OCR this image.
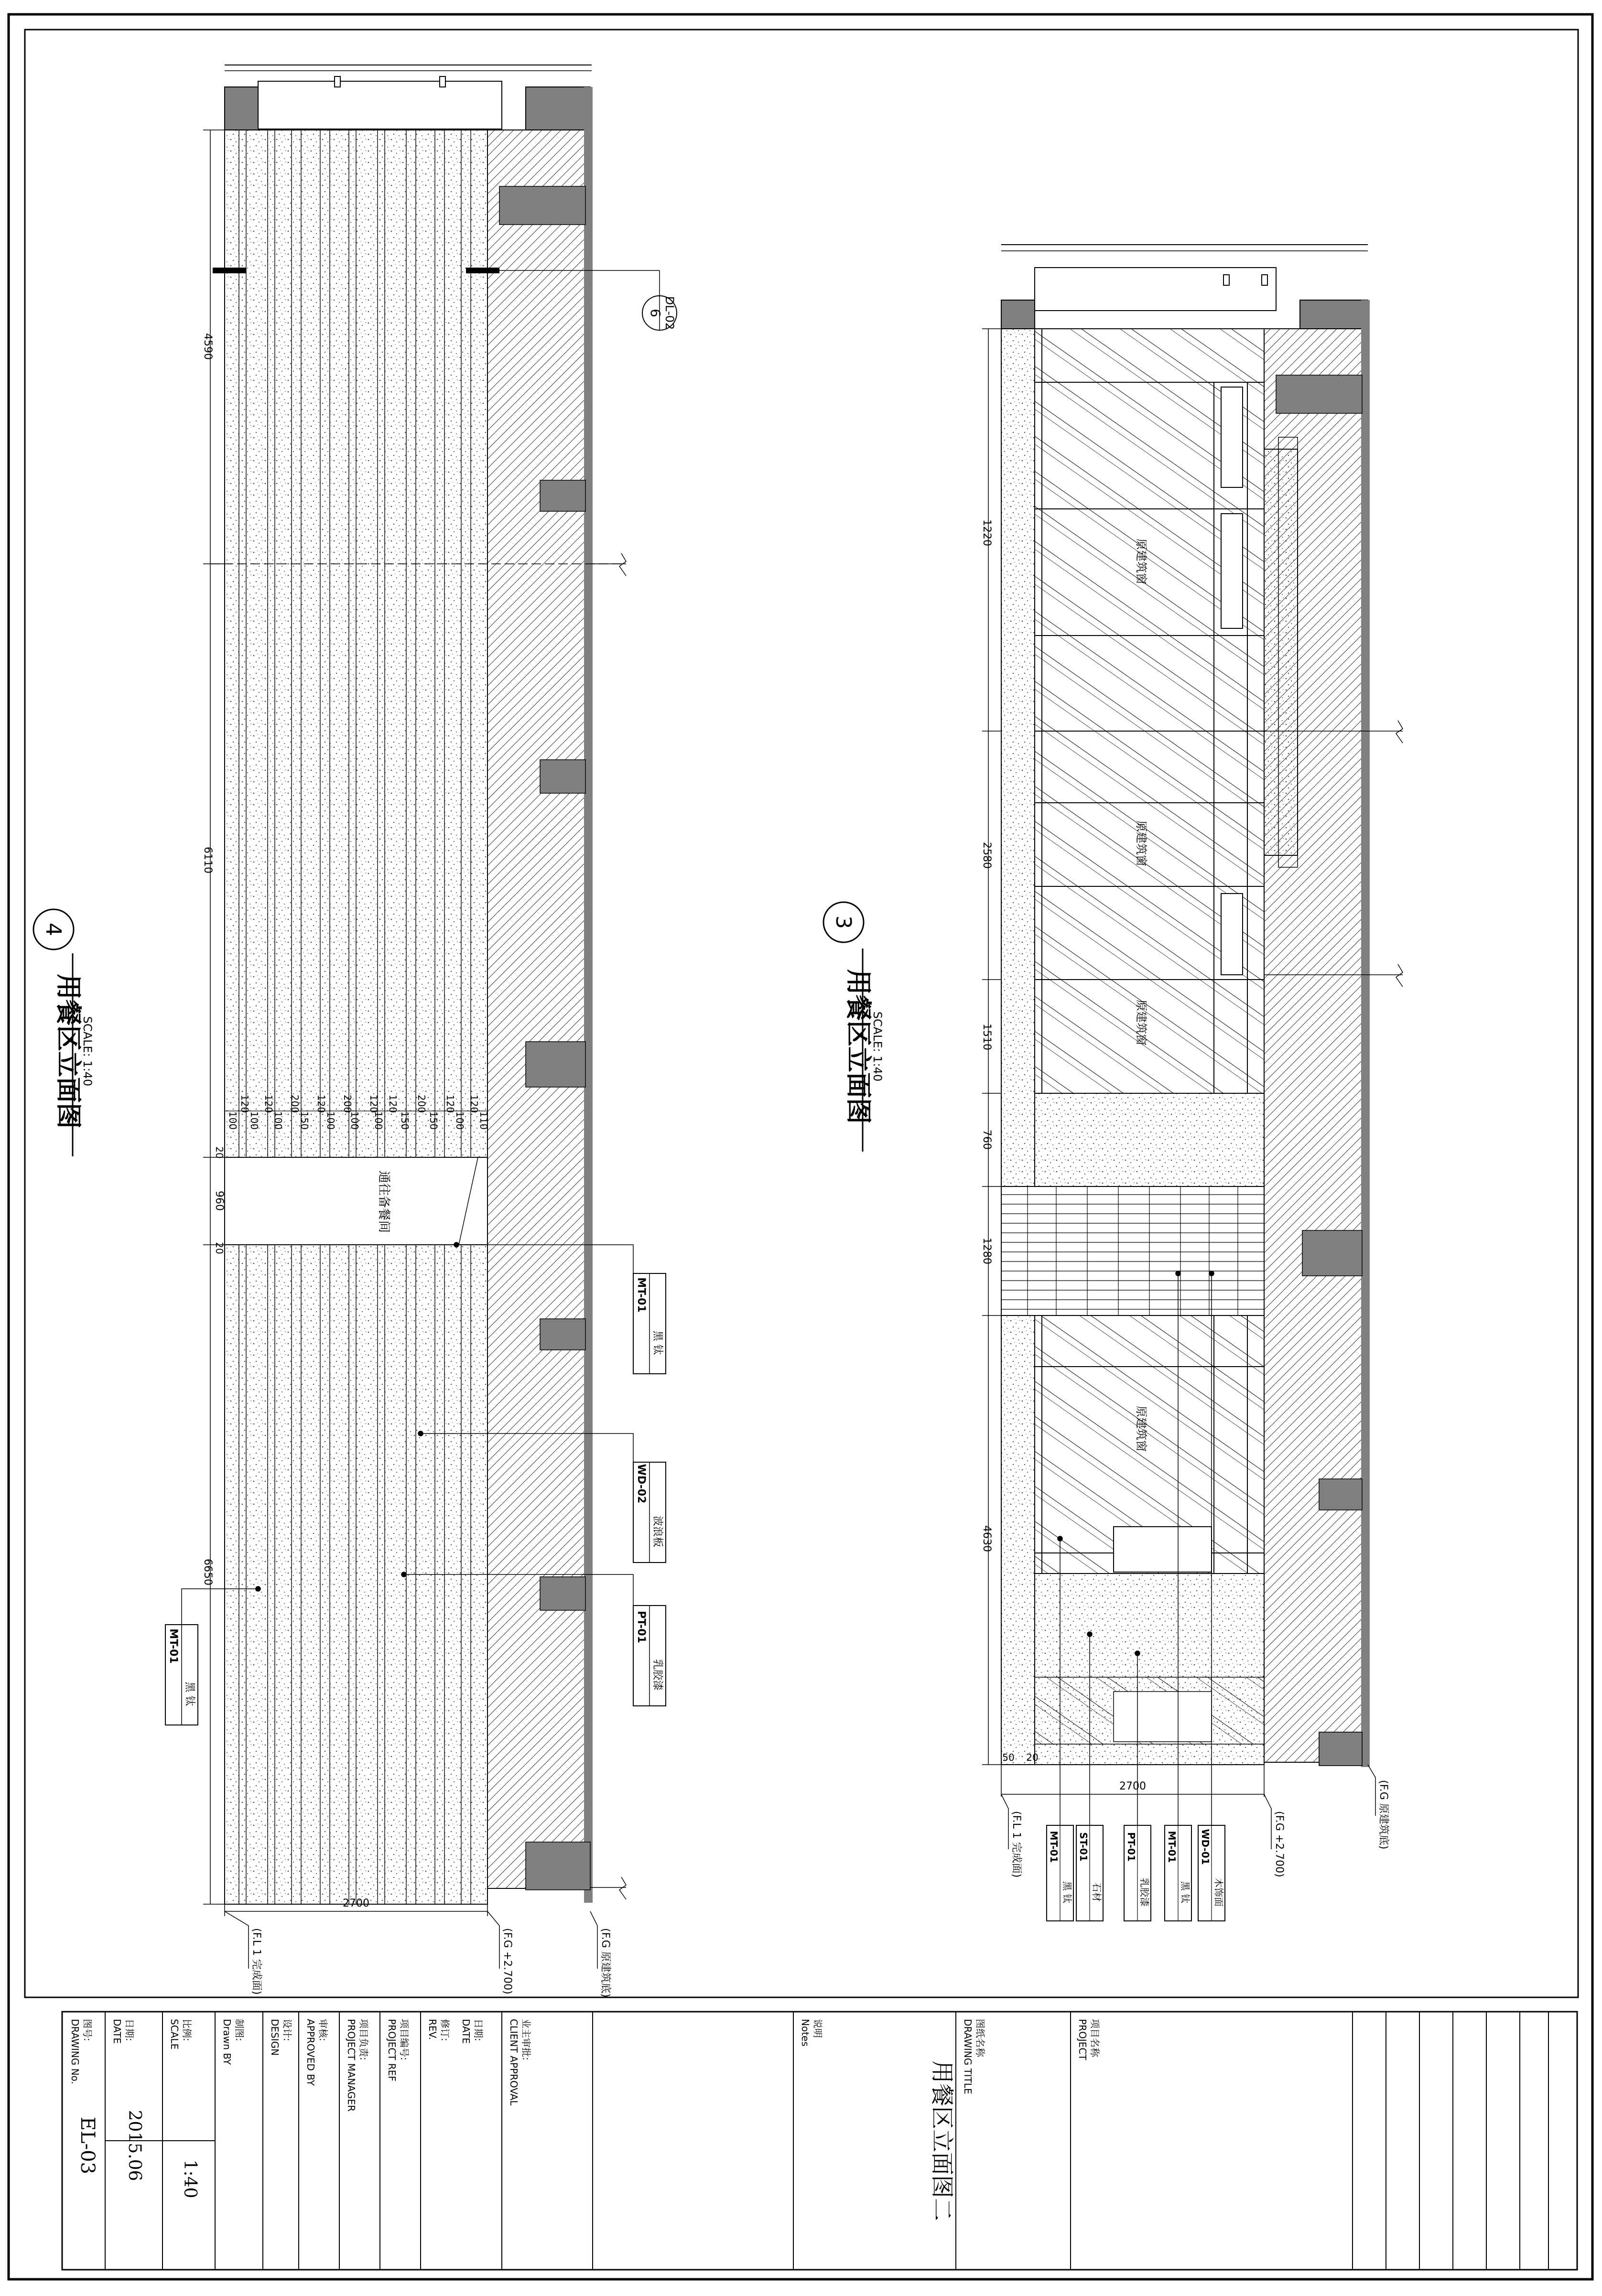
通往备餐间
6 DL-02
4590
6110
960
20
20
6650
120 120 200 120 200 120 120 200 120 120
100 100 100 150 100 100 100 150 150 100 110
2700
(F.L 1 完成面)	(F.G +2.700)	(F.G 原建筑底)
MT-01
黑 钛
WD-02
波浪板
PT-01
乳胶漆
MT-01
黑 钛
4
用餐区立面图
SCALE: 1:40
原建筑窗
原建筑窗
原建筑窗
原建筑窗
1220
2580
1510
760
1280
4630
2700
50 20
(F.L 1 完成面)	(F.G +2.700)	(F.G 原建筑底)
MT-01
黑 钛
ST-01
石材
PT-01
乳胶漆
MT-01
黑 钛
WD-01
木饰面
3
用餐区立面图
SCALE: 1:40
DRAWING No. 图号:
EL-03
DATE 日期:
2015.06
SCALE 比例:
1:40
Drawn BY 制图:	DESIGN 设计: APPROVED BY 审核: PROJECT MANAGER 项目负责: PROJECT REF 项目编号: REV. 修订: DATE 日期:	CLIENT APPROVAL 业主审批:	Notes 说明	DRAWING TITLE 图纸名称
用餐区立面图二
PROJECT 项目名称
